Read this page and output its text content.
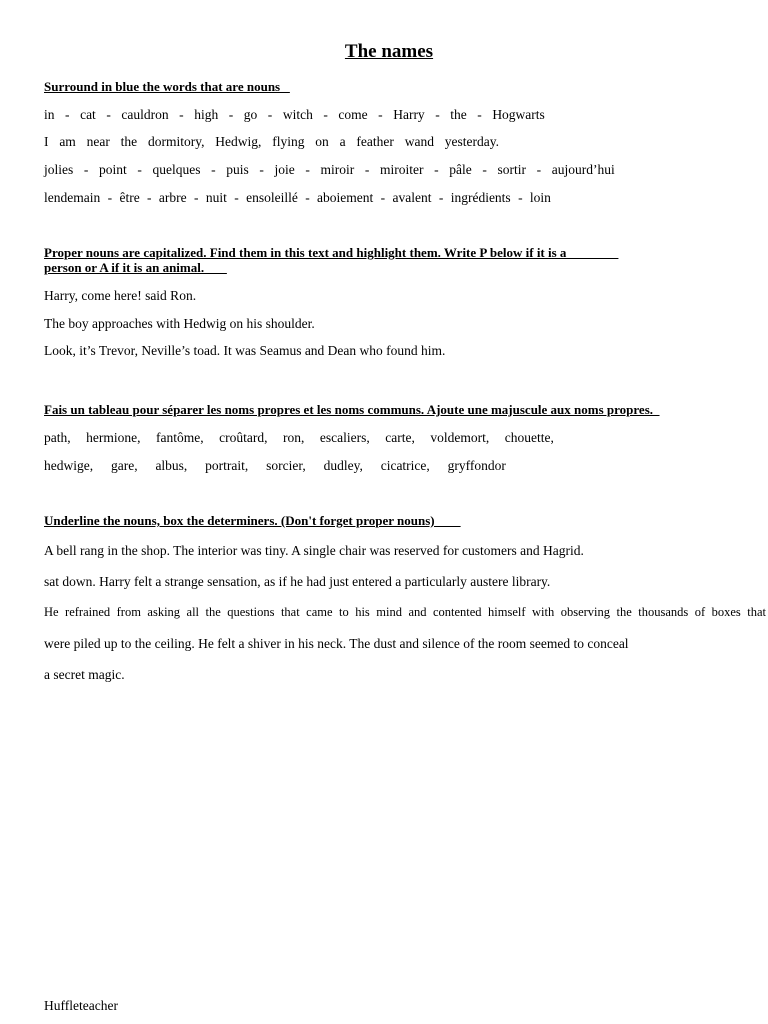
The names
Surround in blue the words that are nouns
in - cat - cauldron - high - go - witch - come - Harry - the - Hogwarts
I am near the dormitory, Hedwig, flying on a feather wand yesterday.
jolies - point - quelques - puis - joie - miroir - miroiter - pâle - sortir - aujourd’hui
lendemain - être - arbre - nuit - ensoleillé - aboiement - avalent - ingrédients - loin
Proper nouns are capitalized. Find them in this text and highlight them. Write P below if it is a
person or A if it is an animal.
Harry, come here! said Ron.
The boy approaches with Hedwig on his shoulder.
Look, it’s Trevor, Neville’s toad. It was Seamus and Dean who found him.
Fais un tableau pour séparer les noms propres et les noms communs. Ajoute une majuscule aux noms propres.
path, hermione, fantôme, croûtard, ron, escaliers, carte, voldemort, chouette,
hedwige, gare, albus, portrait, sorcier, dudley, cicatrice, gryffondor
Underline the nouns, box the determiners. (Don't forget proper nouns)
A bell rang in the shop. The interior was tiny. A single chair was reserved for customers and Hagrid.
sat down. Harry felt a strange sensation, as if he had just entered a particularly austere library.
He refrained from asking all the questions that came to his mind and contented himself with observing the thousands of boxes that
were piled up to the ceiling. He felt a shiver in his neck. The dust and silence of the room seemed to conceal
a secret magic.
Huffleteacher
